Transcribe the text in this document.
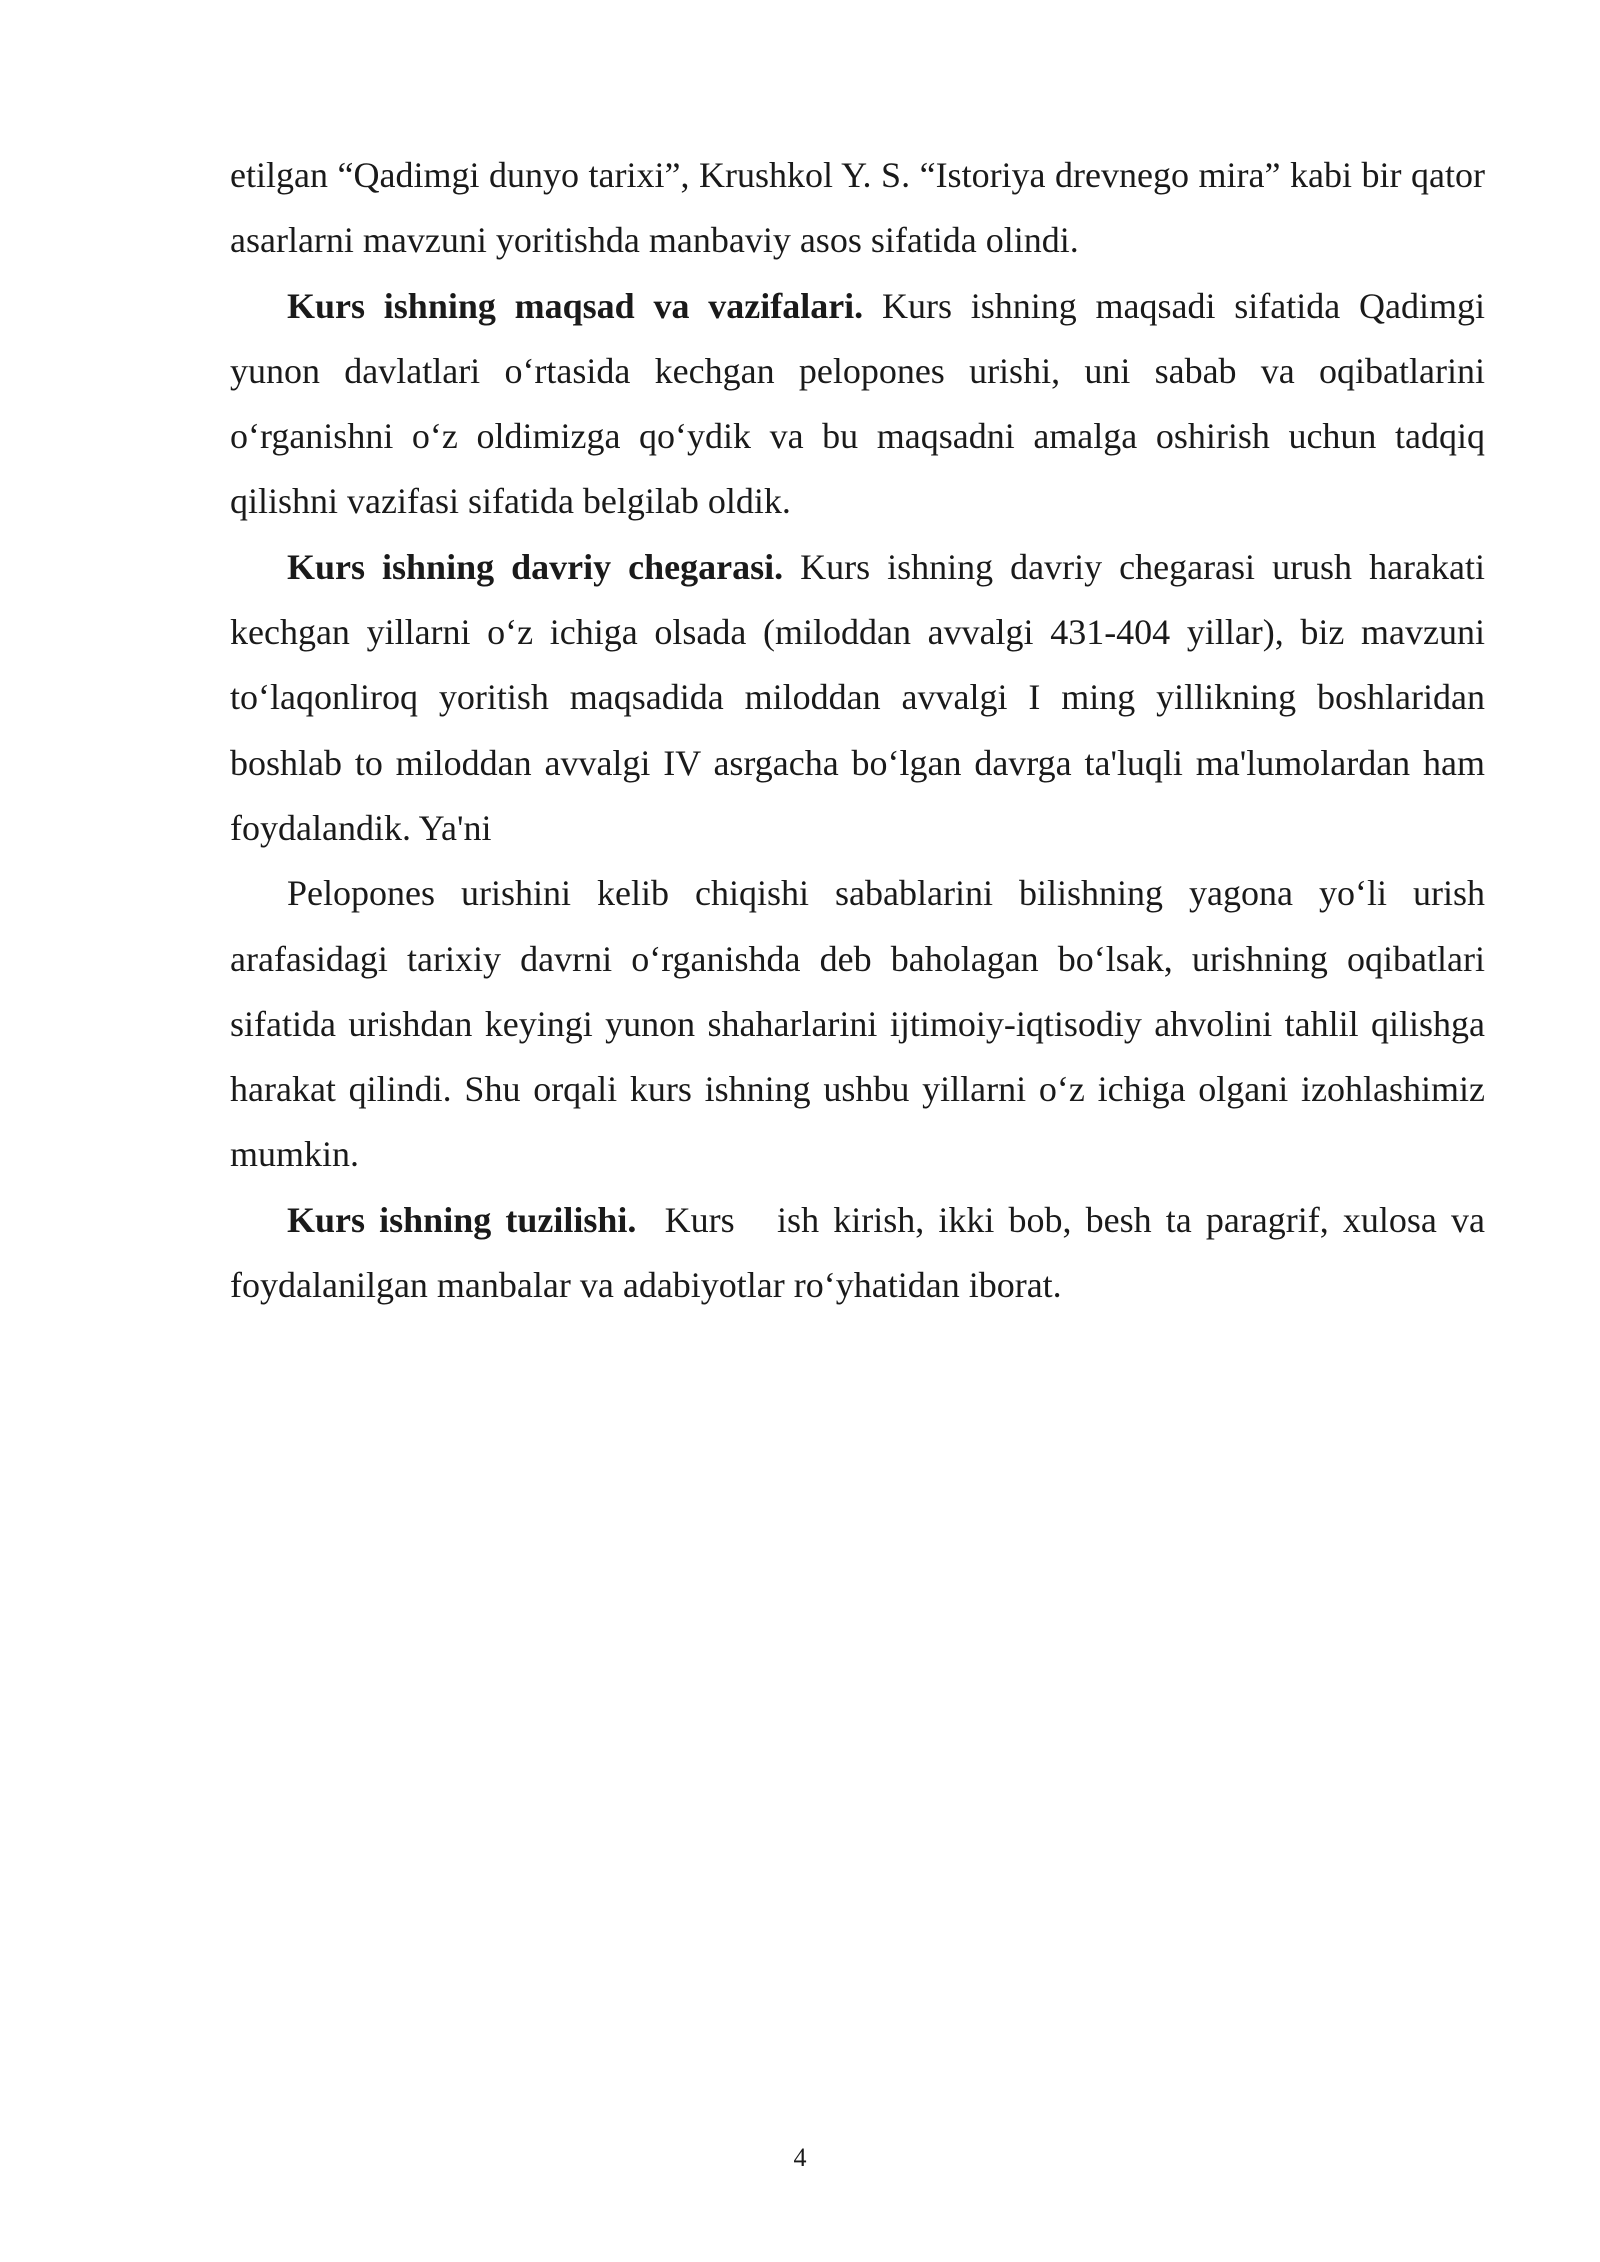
etilgan “Qadimgi dunyo tarixi”, Krushkol Y. S. “Istoriya drevnego mira” kabi bir qator asarlarni mavzuni yoritishda manbaviy asos sifatida olindi.

Kurs ishning maqsad va vazifalari. Kurs ishning maqsadi sifatida Qadimgi yunon davlatlari o‘rtasida kechgan pelopones urishi, uni sabab va oqibatlarini o‘rganishni o‘z oldimizga qo‘ydik va bu maqsadni amalga oshirish uchun tadqiq qilishni vazifasi sifatida belgilab oldik.

Kurs ishning davriy chegarasi. Kurs ishning davriy chegarasi urush harakati kechgan yillarni o‘z ichiga olsada (miloddan avvalgi 431-404 yillar), biz mavzuni to‘laqonliroq yoritish maqsadida miloddan avvalgi I ming yillikning boshlaridan boshlab to miloddan avvalgi IV asrgacha bo‘lgan davrga ta'luqli ma'lumolardan ham foydalandik. Ya'ni

Pelopones urishini kelib chiqishi sabablarini bilishning yagona yo‘li urish arafasidagi tarixiy davrni o‘rganishda deb baholagan bo‘lsak, urishning oqibatlari sifatida urishdan keyingi yunon shaharlarini ijtimoiy-iqtisodiy ahvolini tahlil qilishga harakat qilindi. Shu orqali kurs ishning ushbu yillarni o‘z ichiga olgani izohlashimiz mumkin.

Kurs ishning tuzilishi.  Kurs   ish kirish, ikki bob, besh ta paragrif, xulosa va foydalanilgan manbalar va adabiyotlar ro‘yhatidan iborat.

4
